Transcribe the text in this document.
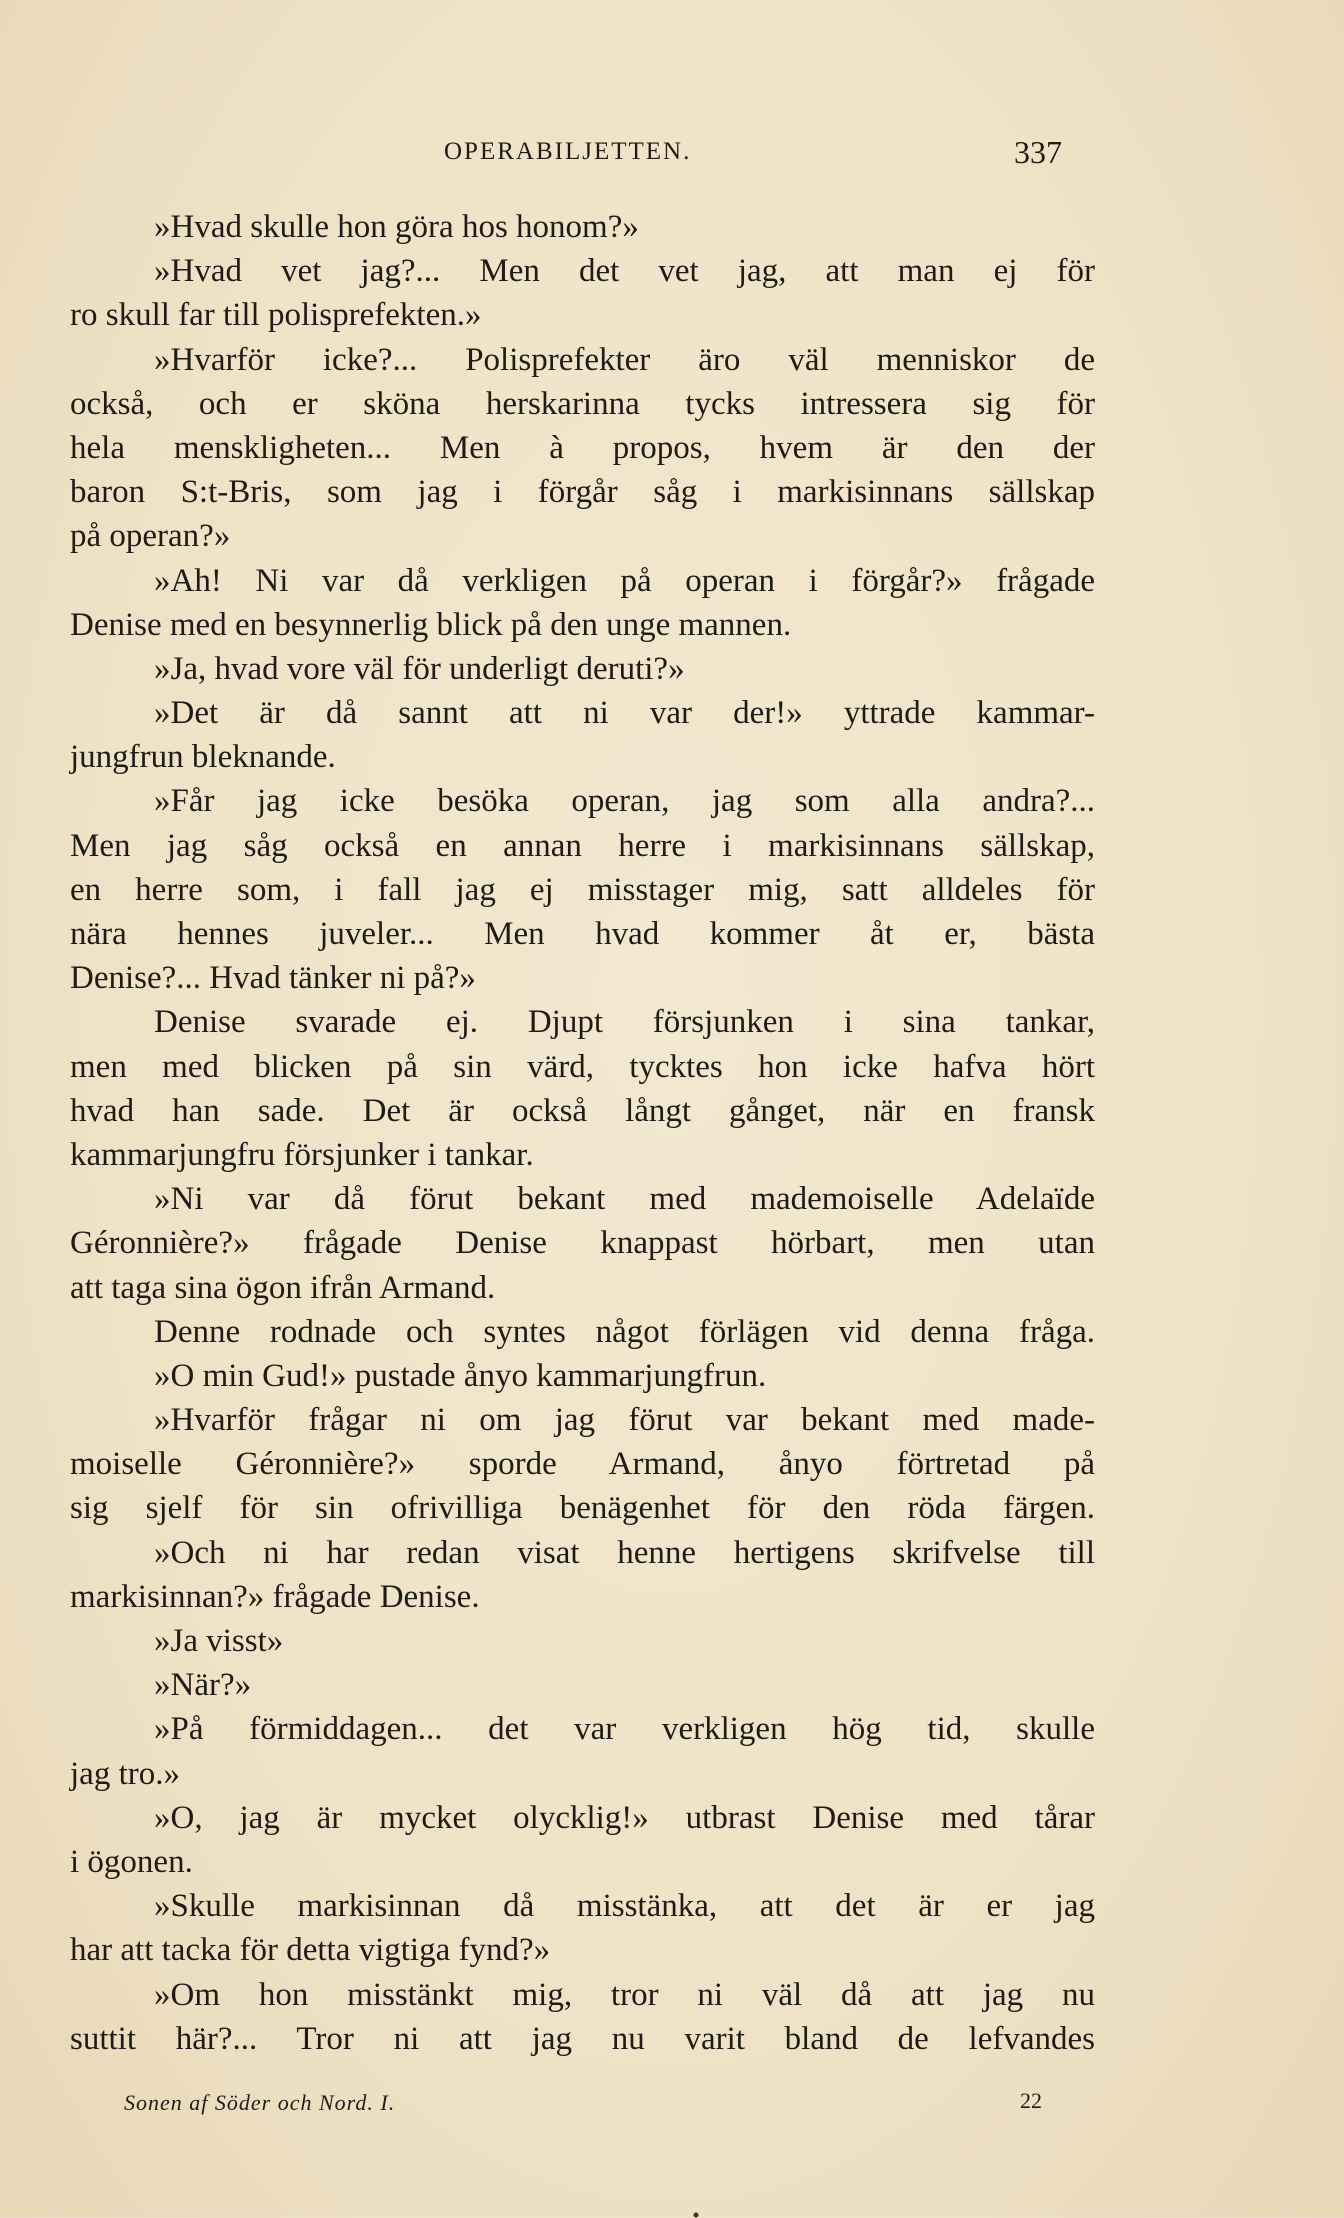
OPERABILJETTEN.	337
»Hvad skulle hon göra hos honom?»
»Hvad vet jag?... Men det vet jag, att man ej för
ro skull far till polisprefekten.»
»Hvarför icke?... Polisprefekter äro väl menniskor de
också, och er sköna herskarinna tycks intressera sig för
hela menskligheten... Men à propos, hvem är den der
baron S:t-Bris, som jag i förgår såg i markisinnans sällskap
på operan?»
»Ah! Ni var då verkligen på operan i förgår?» frågade
Denise med en besynnerlig blick på den unge mannen.
»Ja, hvad vore väl för underligt deruti?»
»Det är då sannt att ni var der!» yttrade kammar-
jungfrun bleknande.
»Får jag icke besöka operan, jag som alla andra?...
Men jag såg också en annan herre i markisinnans sällskap,
en herre som, i fall jag ej misstager mig, satt alldeles för
nära hennes juveler... Men hvad kommer åt er, bästa
Denise?... Hvad tänker ni på?»
Denise svarade ej. Djupt försjunken i sina tankar,
men med blicken på sin värd, tycktes hon icke hafva hört
hvad han sade. Det är också långt gånget, när en fransk
kammarjungfru försjunker i tankar.
»Ni var då förut bekant med mademoiselle Adelaïde
Géronnière?» frågade Denise knappast hörbart, men utan
att taga sina ögon ifrån Armand.
Denne rodnade och syntes något förlägen vid denna fråga.
»O min Gud!» pustade ånyo kammarjungfrun.
»Hvarför frågar ni om jag förut var bekant med made-
moiselle Géronnière?» sporde Armand, ånyo förtretad på
sig sjelf för sin ofrivilliga benägenhet för den röda färgen.
»Och ni har redan visat henne hertigens skrifvelse till
markisinnan?» frågade Denise.
»Ja visst»
»När?»
»På förmiddagen... det var verkligen hög tid, skulle
jag tro.»
»O, jag är mycket olycklig!» utbrast Denise med tårar
i ögonen.
»Skulle markisinnan då misstänka, att det är er jag
har att tacka för detta vigtiga fynd?»
»Om hon misstänkt mig, tror ni väl då att jag nu
suttit här?... Tror ni att jag nu varit bland de lefvandes
Sonen af Söder och Nord. I.	22
